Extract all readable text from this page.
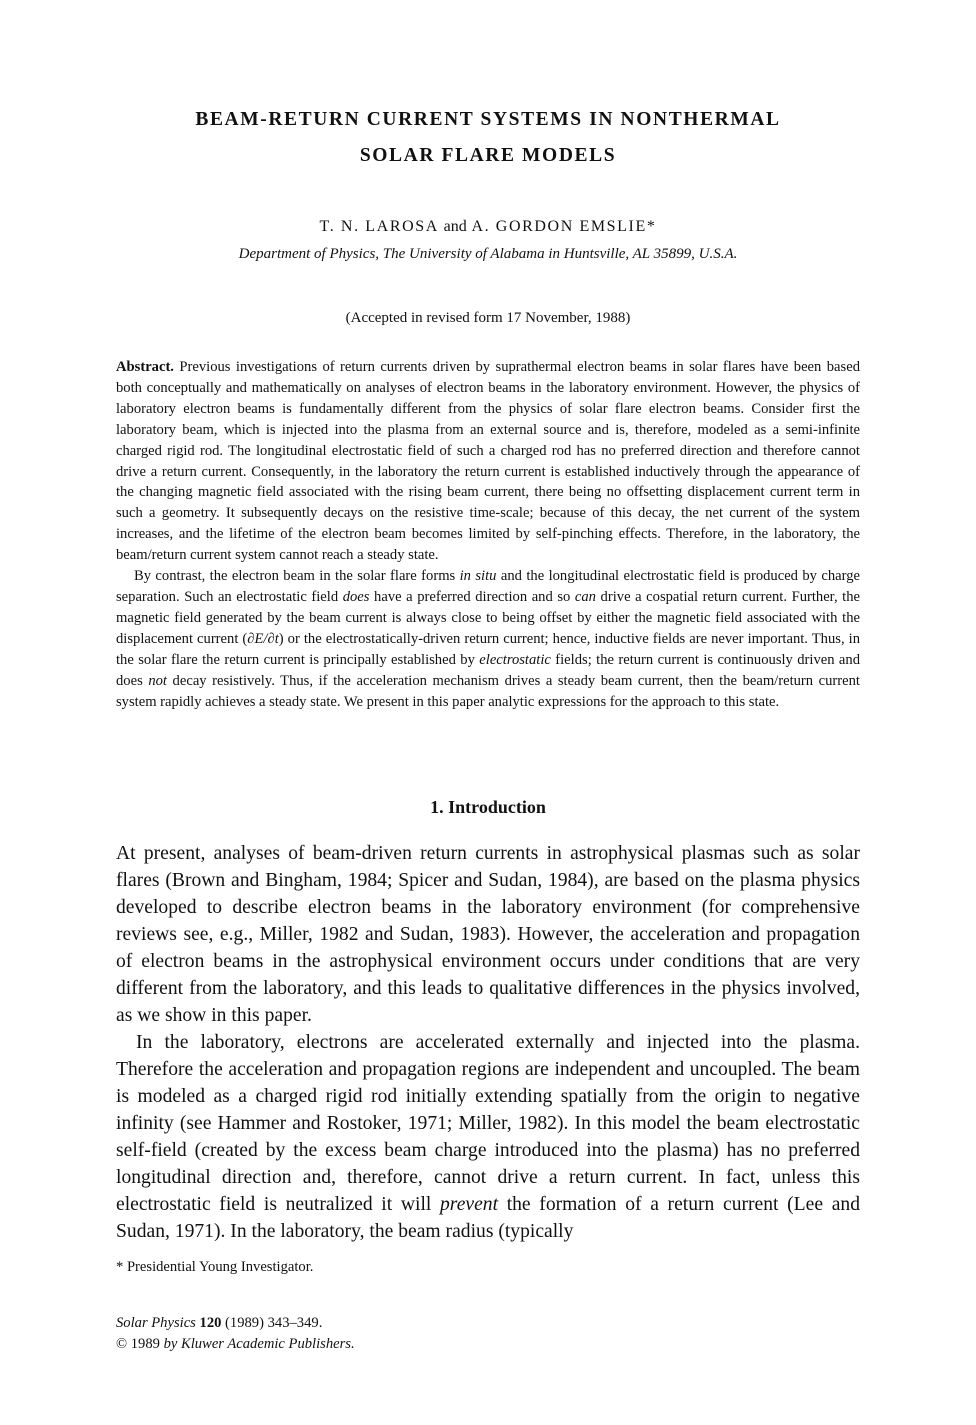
BEAM-RETURN CURRENT SYSTEMS IN NONTHERMAL
SOLAR FLARE MODELS
T. N. LAROSA and A. GORDON EMSLIE*
Department of Physics, The University of Alabama in Huntsville, AL 35899, U.S.A.
(Accepted in revised form 17 November, 1988)

Abstract. Previous investigations of return currents driven by suprathermal electron beams in solar flares have been based both conceptually and mathematically on analyses of electron beams in the laboratory environment. However, the physics of laboratory electron beams is fundamentally different from the physics of solar flare electron beams. Consider first the laboratory beam, which is injected into the plasma from an external source and is, therefore, modeled as a semi-infinite charged rigid rod. The longitudinal electrostatic field of such a charged rod has no preferred direction and therefore cannot drive a return current. Consequently, in the laboratory the return current is established inductively through the appearance of the changing magnetic field associated with the rising beam current, there being no offsetting displacement current term in such a geometry. It subsequently decays on the resistive time-scale; because of this decay, the net current of the system increases, and the lifetime of the electron beam becomes limited by self-pinching effects. Therefore, in the laboratory, the beam/return current system cannot reach a steady state.

By contrast, the electron beam in the solar flare forms in situ and the longitudinal electrostatic field is produced by charge separation. Such an electrostatic field does have a preferred direction and so can drive a cospatial return current. Further, the magnetic field generated by the beam current is always close to being offset by either the magnetic field associated with the displacement current (∂E/∂t) or the electrostatically-driven return current; hence, inductive fields are never important. Thus, in the solar flare the return current is principally established by electrostatic fields; the return current is continuously driven and does not decay resistively. Thus, if the acceleration mechanism drives a steady beam current, then the beam/return current system rapidly achieves a steady state. We present in this paper analytic expressions for the approach to this state.

1. Introduction

At present, analyses of beam-driven return currents in astrophysical plasmas such as solar flares (Brown and Bingham, 1984; Spicer and Sudan, 1984), are based on the plasma physics developed to describe electron beams in the laboratory environment (for comprehensive reviews see, e.g., Miller, 1982 and Sudan, 1983). However, the acceleration and propagation of electron beams in the astrophysical environment occurs under conditions that are very different from the laboratory, and this leads to qualitative differences in the physics involved, as we show in this paper.

In the laboratory, electrons are accelerated externally and injected into the plasma. Therefore the acceleration and propagation regions are independent and uncoupled. The beam is modeled as a charged rigid rod initially extending spatially from the origin to negative infinity (see Hammer and Rostoker, 1971; Miller, 1982). In this model the beam electrostatic self-field (created by the excess beam charge introduced into the plasma) has no preferred longitudinal direction and, therefore, cannot drive a return current. In fact, unless this electrostatic field is neutralized it will prevent the formation of a return current (Lee and Sudan, 1971). In the laboratory, the beam radius (typically

* Presidential Young Investigator.
Solar Physics 120 (1989) 343–349.
© 1989 by Kluwer Academic Publishers.
